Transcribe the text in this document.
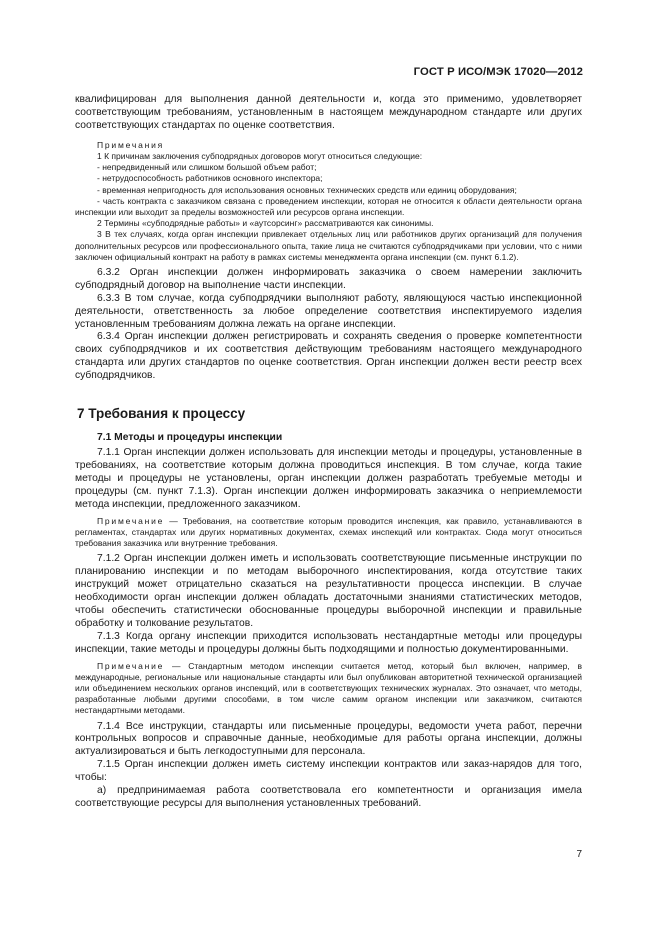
ГОСТ Р ИСО/МЭК 17020—2012

квалифицирован для выполнения данной деятельности и, когда это применимо, удовлетворяет соответствующим требованиям, установленным в настоящем международном стандарте или других соответствующих стандартах по оценке соответствия.

Примечания

1 К причинам заключения субподрядных договоров могут относиться следующие:

- непредвиденный или слишком большой объем работ;

- нетрудоспособность работников основного инспектора;

- временная непригодность для использования основных технических средств или единиц оборудования;

- часть контракта с заказчиком связана с проведением инспекции, которая не относится к области деятельности органа инспекции или выходит за пределы возможностей или ресурсов органа инспекции.

2 Термины «субподрядные работы» и «аутсорсинг» рассматриваются как синонимы.

3 В тех случаях, когда орган инспекции привлекает отдельных лиц или работников других организаций для получения дополнительных ресурсов или профессионального опыта, такие лица не считаются субподрядчиками при условии, что с ними заключен официальный контракт на работу в рамках системы менеджмента органа инспекции (см. пункт 6.1.2).

6.3.2 Орган инспекции должен информировать заказчика о своем намерении заключить субподрядный договор на выполнение части инспекции.

6.3.3 В том случае, когда субподрядчики выполняют работу, являющуюся частью инспекционной деятельности, ответственность за любое определение соответствия инспектируемого изделия установленным требованиям должна лежать на органе инспекции.

6.3.4 Орган инспекции должен регистрировать и сохранять сведения о проверке компетентности своих субподрядчиков и их соответствия действующим требованиям настоящего международного стандарта или других стандартов по оценке соответствия. Орган инспекции должен вести реестр всех субподрядчиков.

7 Требования к процессу

7.1 Методы и процедуры инспекции

7.1.1 Орган инспекции должен использовать для инспекции методы и процедуры, установленные в требованиях, на соответствие которым должна проводиться инспекция. В том случае, когда такие методы и процедуры не установлены, орган инспекции должен разработать требуемые методы и процедуры (см. пункт 7.1.3). Орган инспекции должен информировать заказчика о неприемлемости метода инспекции, предложенного заказчиком.

Примечание — Требования, на соответствие которым проводится инспекция, как правило, устанавливаются в регламентах, стандартах или других нормативных документах, схемах инспекций или контрактах. Сюда могут относиться требования заказчика или внутренние требования.

7.1.2 Орган инспекции должен иметь и использовать соответствующие письменные инструкции по планированию инспекции и по методам выборочного инспектирования, когда отсутствие таких инструкций может отрицательно сказаться на результативности процесса инспекции. В случае необходимости орган инспекции должен обладать достаточными знаниями статистических методов, чтобы обеспечить статистически обоснованные процедуры выборочной инспекции и правильные обработку и толкование результатов.

7.1.3 Когда органу инспекции приходится использовать нестандартные методы или процедуры инспекции, такие методы и процедуры должны быть подходящими и полностью документированными.

Примечание — Стандартным методом инспекции считается метод, который был включен, например, в международные, региональные или национальные стандарты или был опубликован авторитетной технической организацией или объединением нескольких органов инспекций, или в соответствующих технических журналах. Это означает, что методы, разработанные любыми другими способами, в том числе самим органом инспекции или заказчиком, считаются нестандартными методами.

7.1.4 Все инструкции, стандарты или письменные процедуры, ведомости учета работ, перечни контрольных вопросов и справочные данные, необходимые для работы органа инспекции, должны актуализироваться и быть легкодоступными для персонала.

7.1.5 Орган инспекции должен иметь систему инспекции контрактов или заказ-нарядов для того, чтобы:

а) предпринимаемая работа соответствовала его компетентности и организация имела соответствующие ресурсы для выполнения установленных требований.

7
